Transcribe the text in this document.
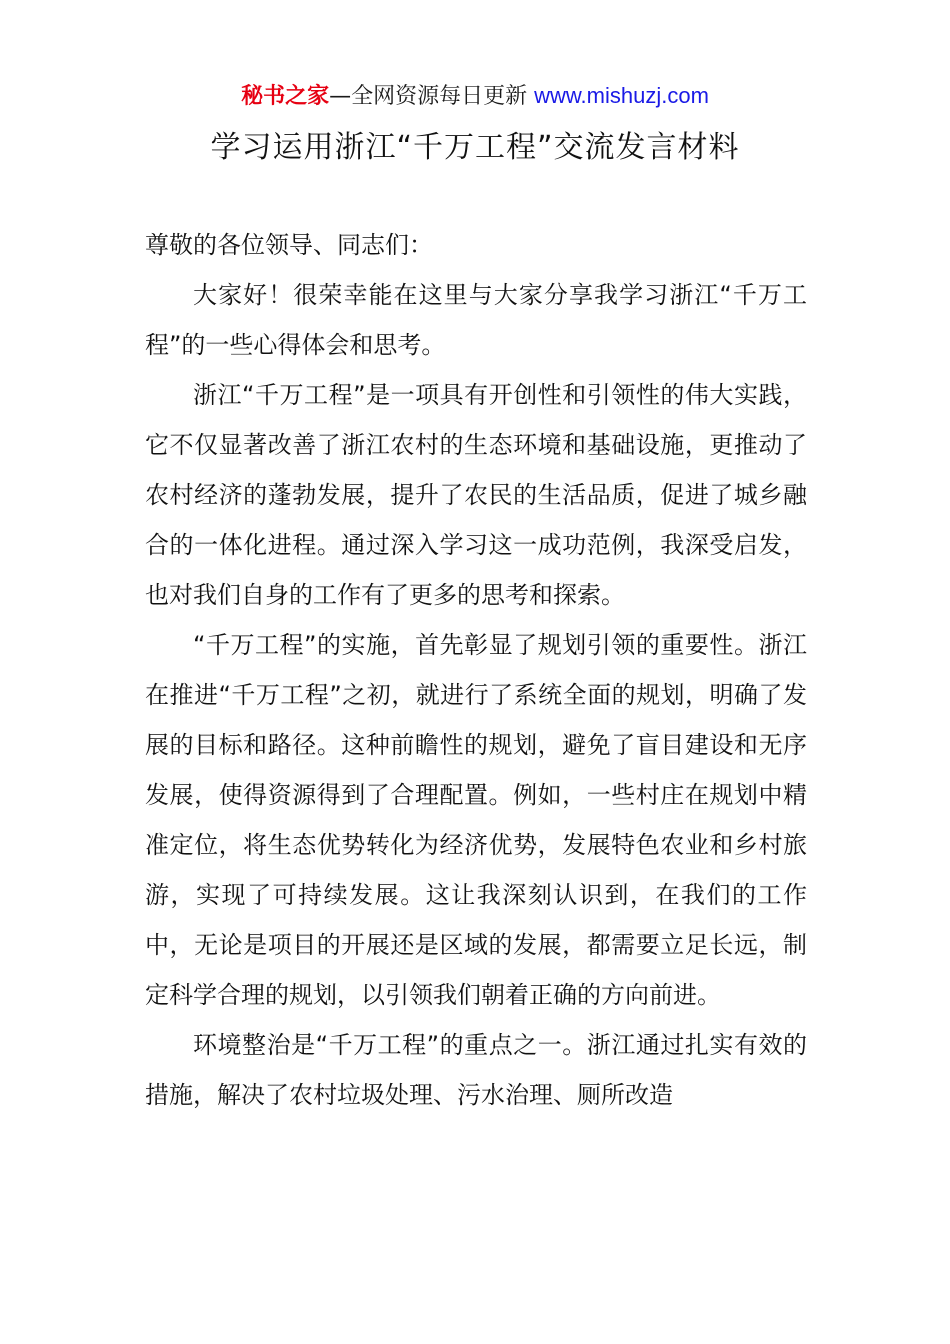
秘书之家—全网资源每日更新 www.mishuzj.com
学习运用浙江“千万工程”交流发言材料

尊敬的各位领导、同志们：

大家好！很荣幸能在这里与大家分享我学习浙江“千万工程”的一些心得体会和思考。

浙江“千万工程”是一项具有开创性和引领性的伟大实践，它不仅显著改善了浙江农村的生态环境和基础设施，更推动了农村经济的蓬勃发展，提升了农民的生活品质，促进了城乡融合的一体化进程。通过深入学习这一成功范例，我深受启发，也对我们自身的工作有了更多的思考和探索。

“千万工程”的实施，首先彰显了规划引领的重要性。浙江在推进“千万工程”之初，就进行了系统全面的规划，明确了发展的目标和路径。这种前瞻性的规划，避免了盲目建设和无序发展，使得资源得到了合理配置。例如，一些村庄在规划中精准定位，将生态优势转化为经济优势，发展特色农业和乡村旅游，实现了可持续发展。这让我深刻认识到，在我们的工作中，无论是项目的开展还是区域的发展，都需要立足长远，制定科学合理的规划，以引领我们朝着正确的方向前进。

环境整治是“千万工程”的重点之一。浙江通过扎实有效的措施，解决了农村垃圾处理、污水治理、厕所改造
